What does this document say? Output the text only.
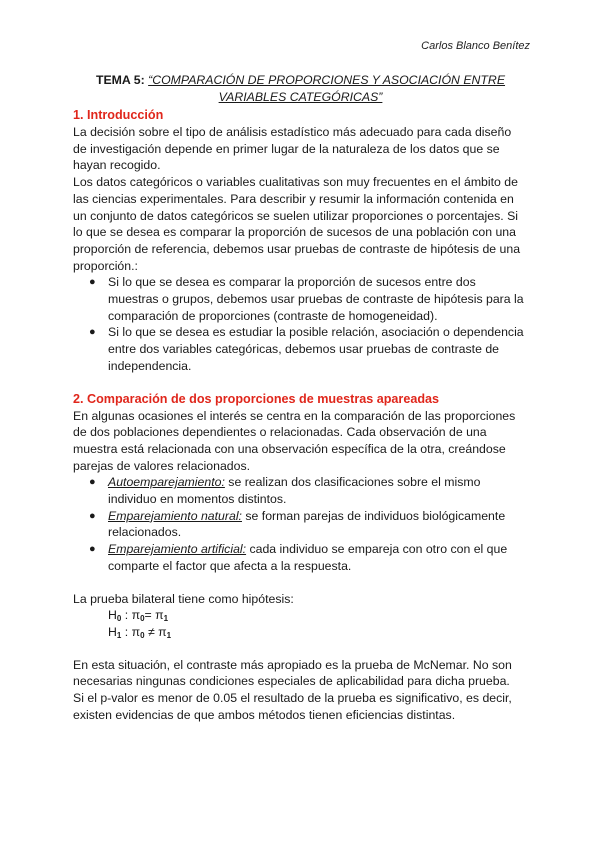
Carlos Blanco Benítez
TEMA 5: “COMPARACIÓN DE PROPORCIONES Y ASOCIACIÓN ENTRE
VARIABLES CATEGÓRICAS”
1. Introducción

La decisión sobre el tipo de análisis estadístico más adecuado para cada diseño de investigación depende en primer lugar de la naturaleza de los datos que se hayan recogido.

Los datos categóricos o variables cualitativas son muy frecuentes en el ámbito de las ciencias experimentales. Para describir y resumir la información contenida en un conjunto de datos categóricos se suelen utilizar proporciones o porcentajes. Si lo que se desea es comparar la proporción de sucesos de una población con una proporción de referencia, debemos usar pruebas de contraste de hipótesis de una proporción.:

● Si lo que se desea es comparar la proporción de sucesos entre dos muestras o grupos, debemos usar pruebas de contraste de hipótesis para la comparación de proporciones (contraste de homogeneidad).
● Si lo que se desea es estudiar la posible relación, asociación o dependencia entre dos variables categóricas, debemos usar pruebas de contraste de independencia.
2. Comparación de dos proporciones de muestras apareadas

En algunas ocasiones el interés se centra en la comparación de las proporciones de dos poblaciones dependientes o relacionadas. Cada observación de una muestra está relacionada con una observación específica de la otra, creándose parejas de valores relacionados.

● Autoemparejamiento: se realizan dos clasificaciones sobre el mismo individuo en momentos distintos.
● Emparejamiento natural: se forman parejas de individuos biológicamente relacionados.
● Emparejamiento artificial: cada individuo se empareja con otro con el que comparte el factor que afecta a la respuesta.

La prueba bilateral tiene como hipótesis:

$H_0$ : $\pi_0= \pi_1$

$H_1$ : $\pi_0 \ne \pi_1$

En esta situación, el contraste más apropiado es la prueba de McNemar. No son necesarias ningunas condiciones especiales de aplicabilidad para dicha prueba.

Si el p-valor es menor de 0.05 el resultado de la prueba es significativo, es decir, existen evidencias de que ambos métodos tienen eficiencias distintas.
